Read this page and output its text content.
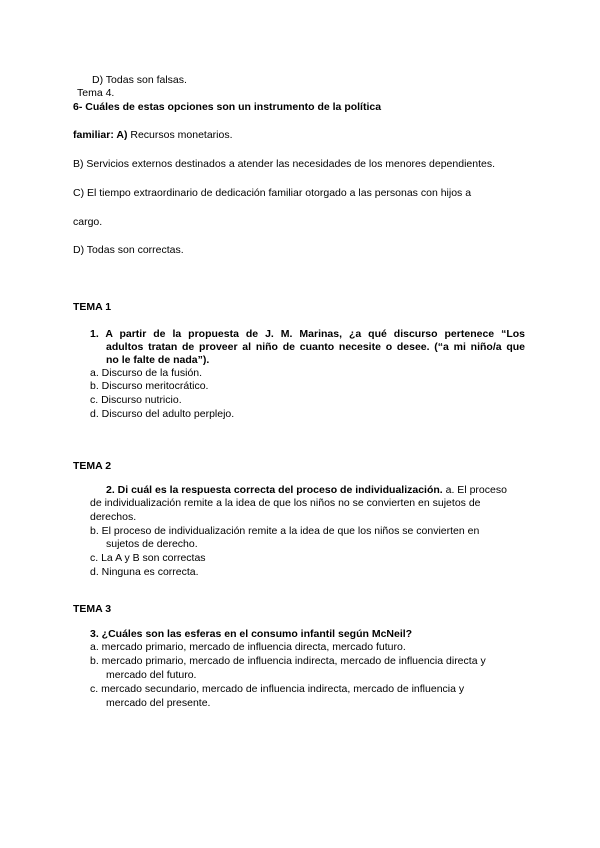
D) Todas son falsas.
Tema 4.
6- Cuáles de estas opciones son un instrumento de la política
familiar: A) Recursos monetarios.
B) Servicios externos destinados a atender las necesidades de los menores dependientes.
C) El tiempo extraordinario de dedicación familiar otorgado a las personas con hijos a
cargo.
D) Todas son correctas.
TEMA 1
1. A partir de la propuesta de J. M. Marinas, ¿a qué discurso pertenece “Los
adultos tratan de proveer al niño de cuanto necesite o desee. (“a mi niño/a que
no le falte de nada”).
a. Discurso de la fusión.
b. Discurso meritocrático.
c. Discurso nutricio.
d. Discurso del adulto perplejo.
TEMA 2
2. Di cuál es la respuesta correcta del proceso de individualización. a. El proceso
de individualización remite a la idea de que los niños no se convierten en sujetos de
derechos.
b. El proceso de individualización remite a la idea de que los niños se convierten en
sujetos de derecho.
c. La A y B son correctas
d. Ninguna es correcta.
TEMA 3
3. ¿Cuáles son las esferas en el consumo infantil según McNeil?
a. mercado primario, mercado de influencia directa, mercado futuro.
b. mercado primario, mercado de influencia indirecta, mercado de influencia directa y
mercado del futuro.
c. mercado secundario, mercado de influencia indirecta, mercado de influencia y
mercado del presente.
